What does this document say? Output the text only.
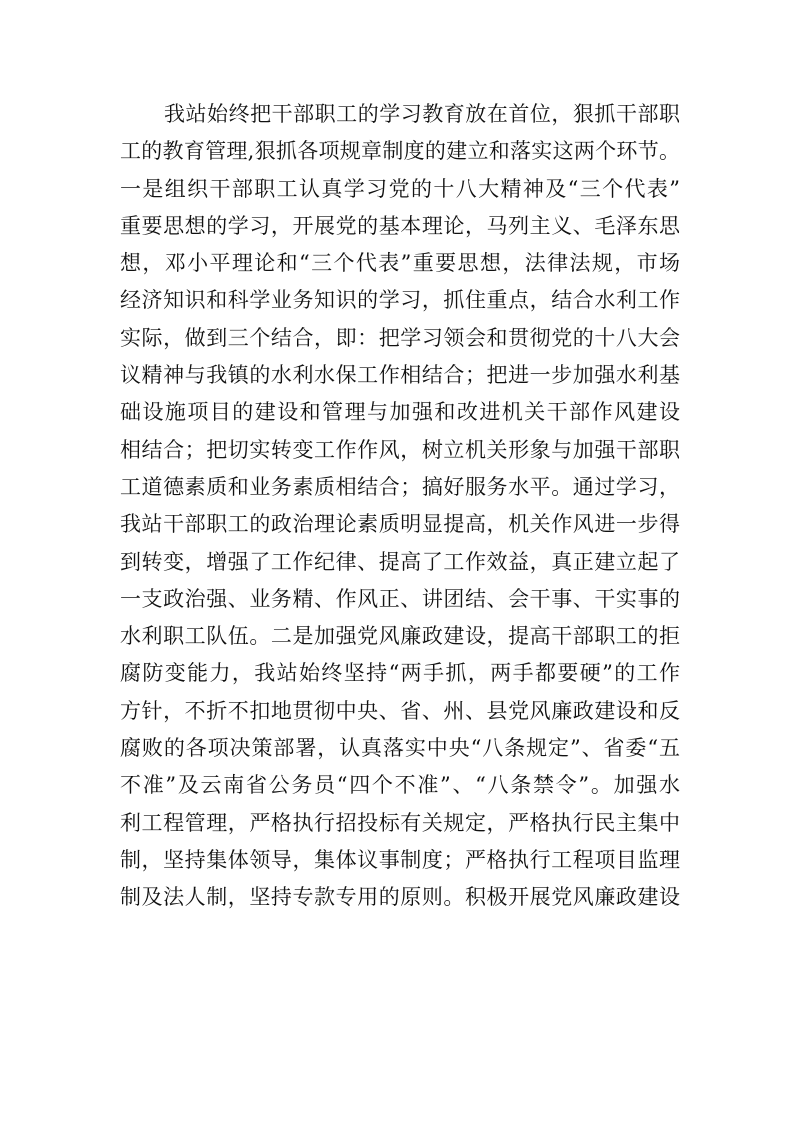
我站始终把干部职工的学习教育放在首位，狠抓干部职
工的教育管理,狠抓各项规章制度的建立和落实这两个环节。
一是组织干部职工认真学习党的十八大精神及“三个代表”
重要思想的学习，开展党的基本理论，马列主义、毛泽东思
想，邓小平理论和“三个代表”重要思想，法律法规，市场
经济知识和科学业务知识的学习，抓住重点，结合水利工作
实际，做到三个结合，即：把学习领会和贯彻党的十八大会
议精神与我镇的水利水保工作相结合；把进一步加强水利基
础设施项目的建设和管理与加强和改进机关干部作风建设
相结合；把切实转变工作作风，树立机关形象与加强干部职
工道德素质和业务素质相结合；搞好服务水平。通过学习，
我站干部职工的政治理论素质明显提高，机关作风进一步得
到转变，增强了工作纪律、提高了工作效益，真正建立起了
一支政治强、业务精、作风正、讲团结、会干事、干实事的
水利职工队伍。二是加强党风廉政建设，提高干部职工的拒
腐防变能力，我站始终坚持“两手抓，两手都要硬”的工作
方针，不折不扣地贯彻中央、省、州、县党风廉政建设和反
腐败的各项决策部署，认真落实中央“八条规定”、省委“五
不准”及云南省公务员“四个不准”、“八条禁令”。加强水
利工程管理，严格执行招投标有关规定，严格执行民主集中
制，坚持集体领导，集体议事制度；严格执行工程项目监理
制及法人制，坚持专款专用的原则。积极开展党风廉政建设
